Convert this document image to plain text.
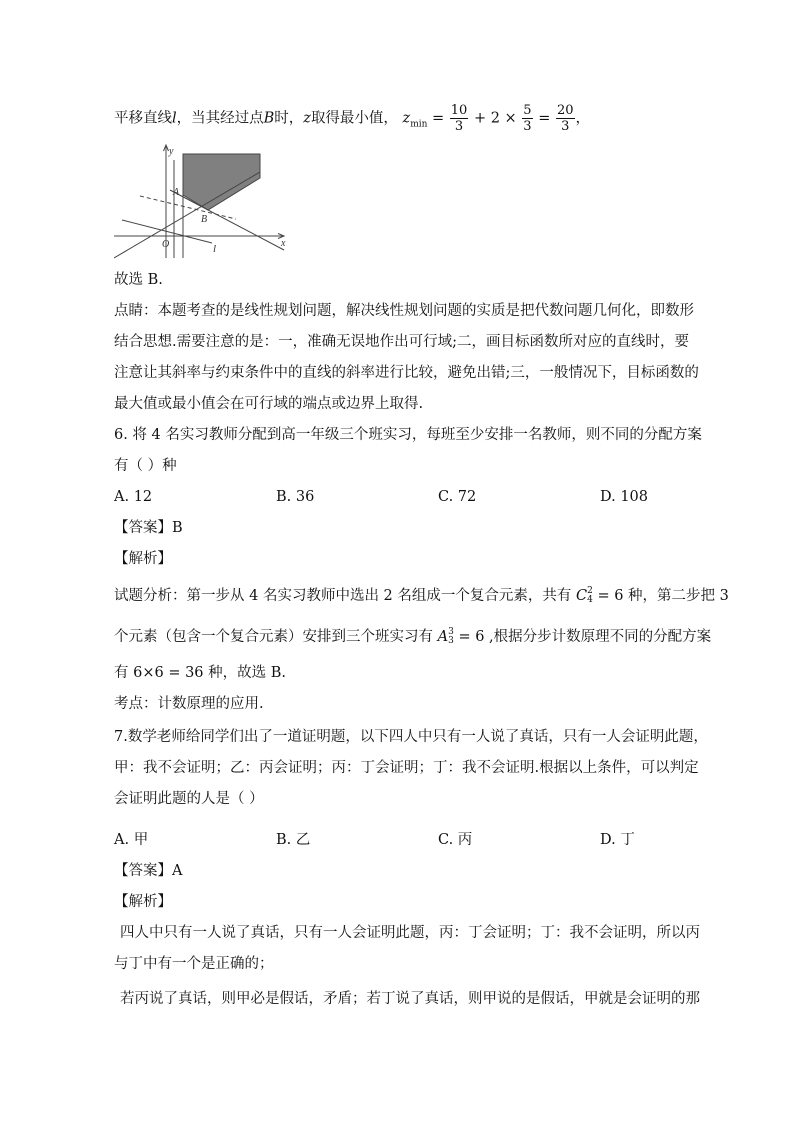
平移直线l，当其经过点B时，z取得最小值， $z_{min} = \frac{10}{3} + 2 \times \frac{5}{3} = \frac{20}{3}$ ，
y
x
O
A
B
l
故选 B.
点睛：本题考查的是线性规划问题，解决线性规划问题的实质是把代数问题几何化，即数形
结合思想.需要注意的是：一，准确无误地作出可行域;二，画目标函数所对应的直线时，要
注意让其斜率与约束条件中的直线的斜率进行比较，避免出错;三，一般情况下，目标函数的
最大值或最小值会在可行域的端点或边界上取得.
6. 将 4 名实习教师分配到高一年级三个班实习，每班至少安排一名教师，则不同的分配方案
有（ ）种
A. 12	B. 36	C. 72	D. 108
【答案】B
【解析】
试题分析：第一步从 4 名实习教师中选出 2 名组成一个复合元素，共有 C 2
4 = 6 种，第二步把 3
个元素（包含一个复合元素）安排到三个班实习有 A 3
3 = 6 ,根据分步计数原理不同的分配方案
有 6×6 = 36 种，故选 B.
考点：计数原理的应用.
7.数学老师给同学们出了一道证明题，以下四人中只有一人说了真话，只有一人会证明此题，
甲：我不会证明；乙：丙会证明；丙：丁会证明；丁：我不会证明.根据以上条件，可以判定
会证明此题的人是（ ）
A. 甲	B. 乙	C. 丙	D. 丁
【答案】A
【解析】
四人中只有一人说了真话，只有一人会证明此题，丙：丁会证明；丁：我不会证明，所以丙
与丁中有一个是正确的；
若丙说了真话，则甲必是假话，矛盾；若丁说了真话，则甲说的是假话，甲就是会证明的那
